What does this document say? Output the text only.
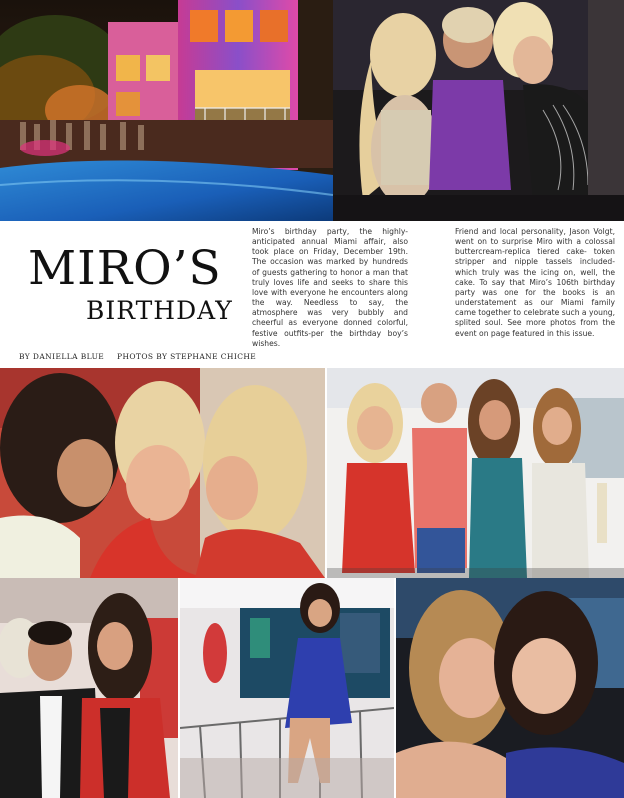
MIRO’S
BIRTHDAY
BY DANIELLA BLUE PHOTOS BY STEPHANE CHICHE
Miro’s birthday party, the highly-anticipated annual Miami affair, also took place on Friday, December 19th. The occasion was marked by hundreds of guests gathering to honor a man that truly loves life and seeks to share this love with everyone he encounters along the way. Needless to say, the atmosphere was very bubbly and cheerful as everyone donned colorful, festive outfits-per the birthday boy’s wishes.
Friend and local personality, Jason Volgt, went on to surprise Miro with a colossal buttercream-replica tiered cake- token stripper and nipple tassels included- which truly was the icing on, well, the cake. To say that Miro’s 106th birthday party was one for the books is an understatement as our Miami family came together to celebrate such a young, splited soul. See more photos from the event on page featured in this issue.
